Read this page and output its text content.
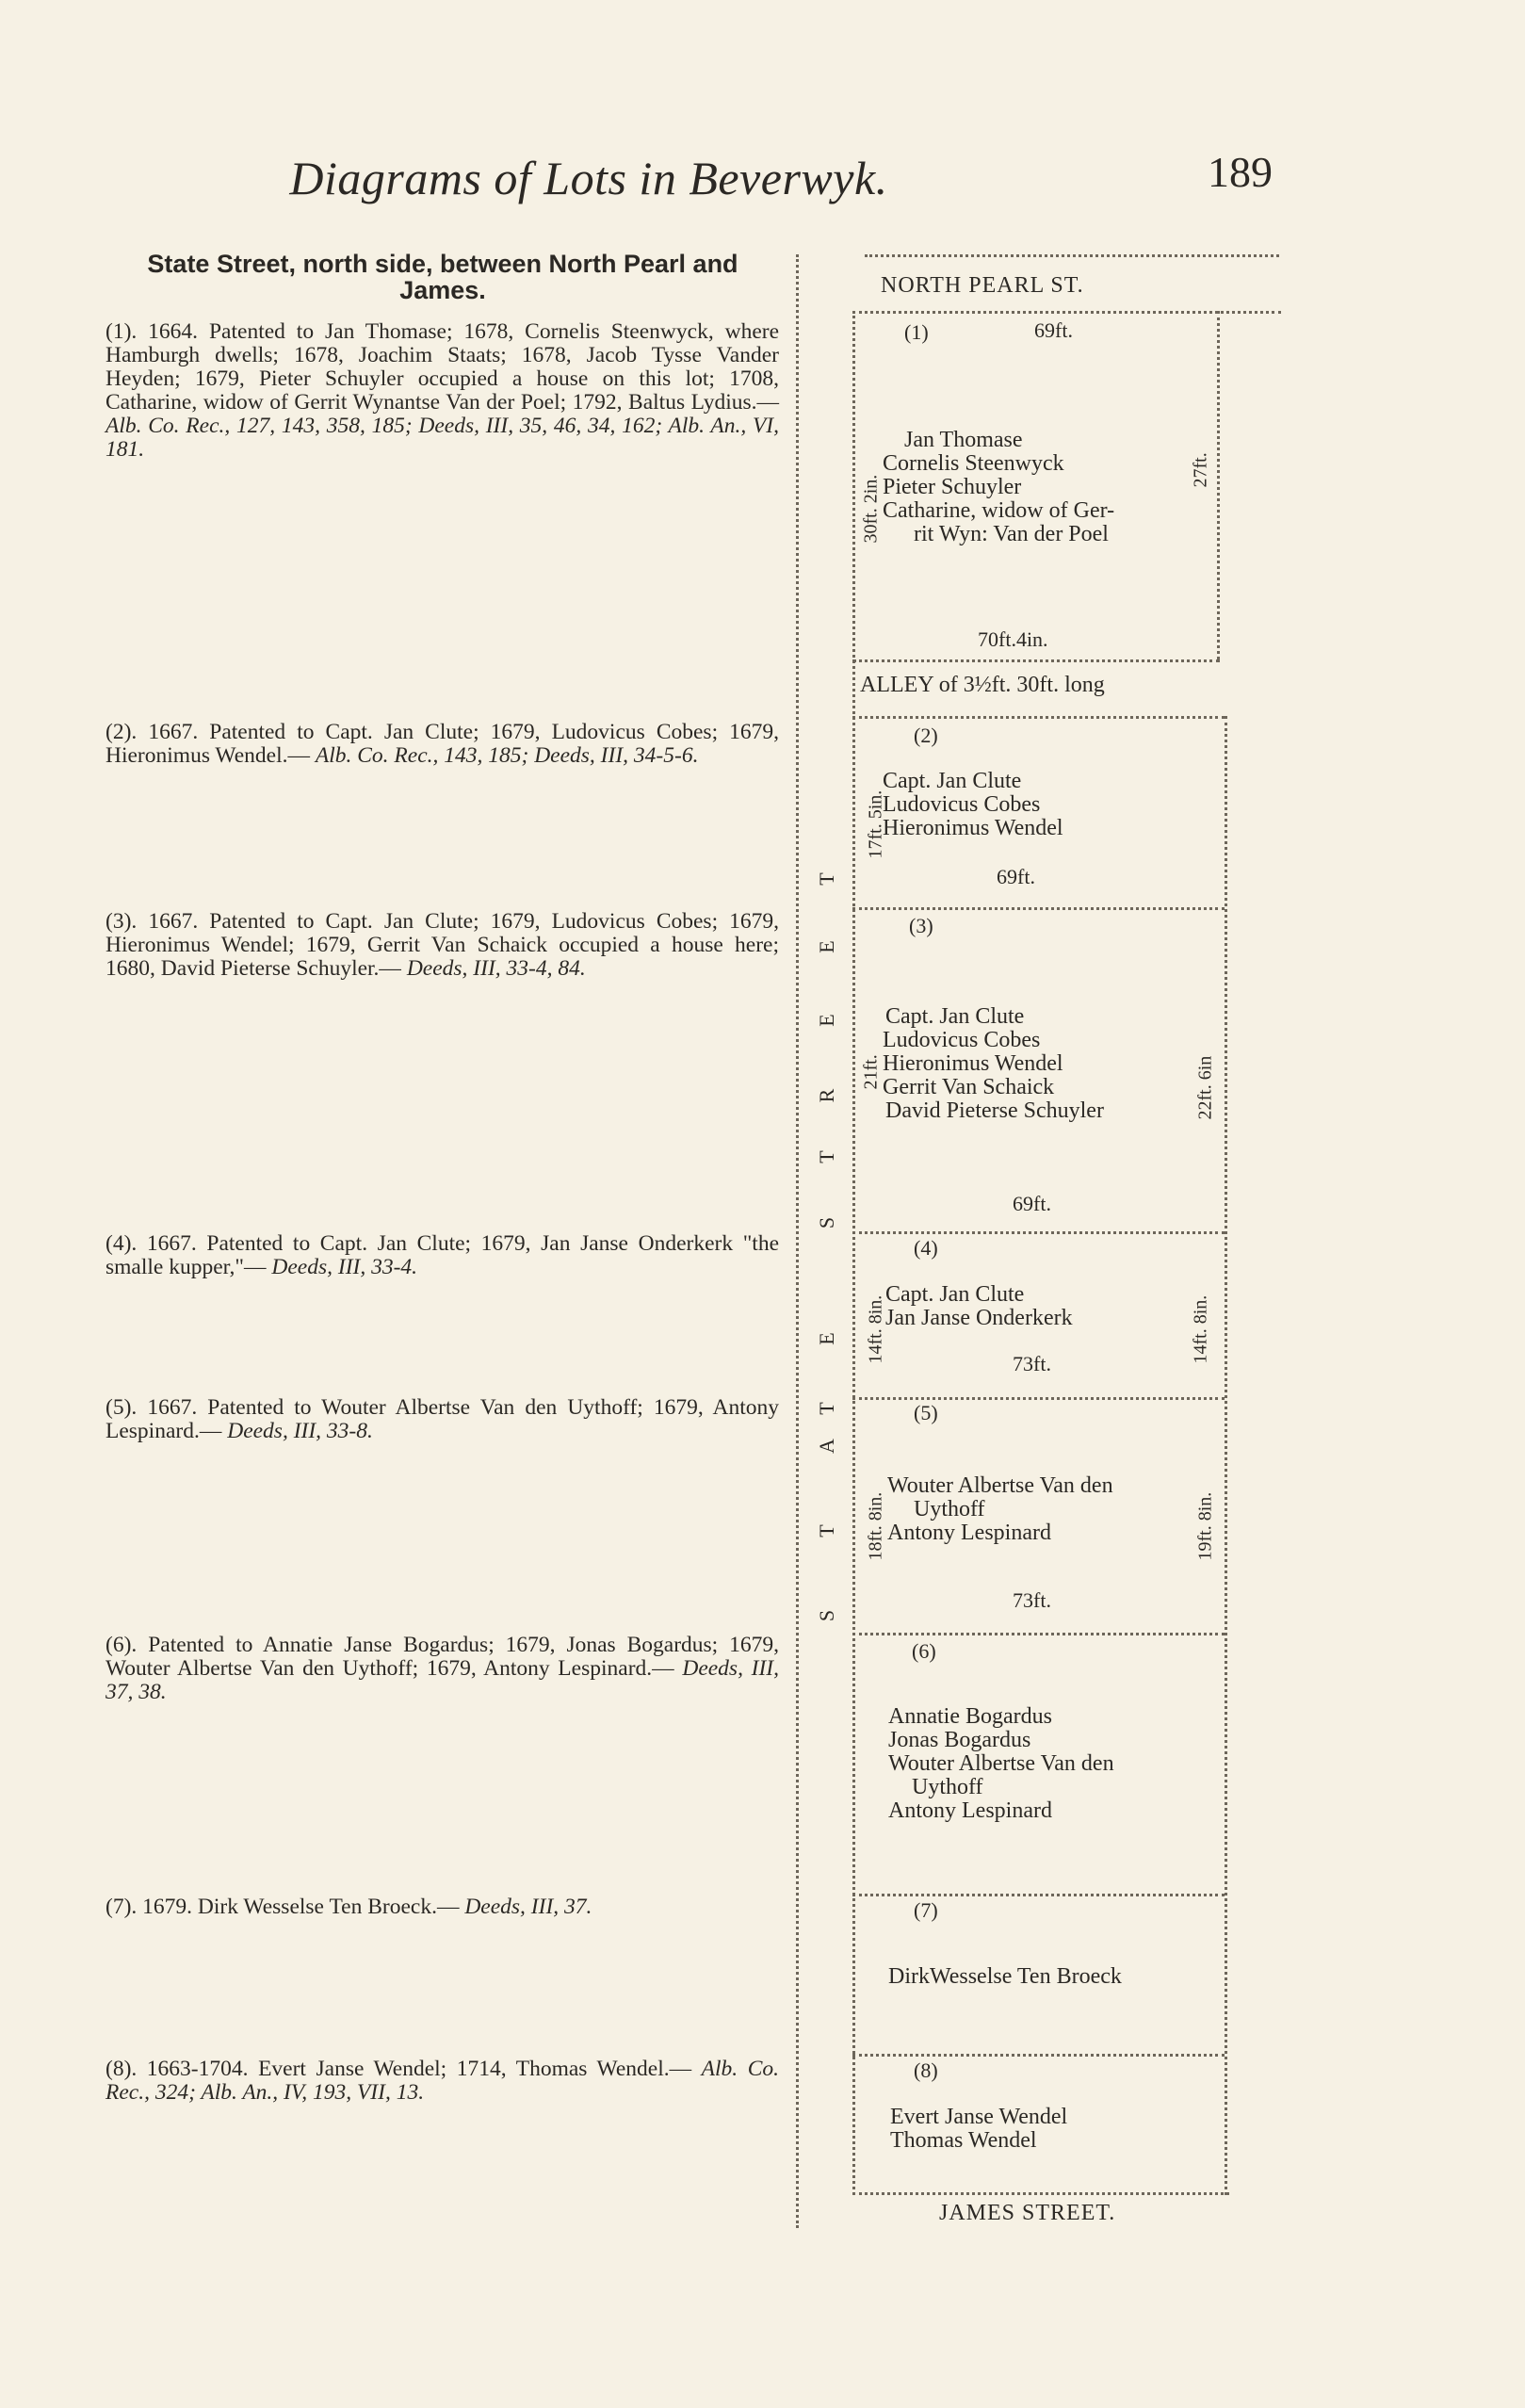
Diagrams of Lots in Beverwyk.	189
State Street, north side, between North Pearl and James.
(1). 1664. Patented to Jan Thomase; 1678, Cornelis Steenwyck, where Hamburgh dwells; 1678, Joachim Staats; 1678, Jacob Tysse Vander Heyden; 1679, Pieter Schuyler occupied a house on this lot; 1708, Catharine, widow of Gerrit Wynantse Van der Poel; 1792, Baltus Lydius.— Alb. Co. Rec., 127, 143, 358, 185; Deeds, III, 35, 46, 34, 162; Alb. An., VI, 181.
(2). 1667. Patented to Capt. Jan Clute; 1679, Ludovicus Cobes; 1679, Hieronimus Wendel.— Alb. Co. Rec., 143, 185; Deeds, III, 34-5-6.
(3). 1667. Patented to Capt. Jan Clute; 1679, Ludovicus Cobes; 1679, Hieronimus Wendel; 1679, Gerrit Van Schaick occupied a house here; 1680, David Pieterse Schuyler.— Deeds, III, 33-4, 84.
(4). 1667. Patented to Capt. Jan Clute; 1679, Jan Janse Onderkerk "the smalle kupper,"— Deeds, III, 33-4.
(5). 1667. Patented to Wouter Albertse Van den Uythoff; 1679, Antony Lespinard.— Deeds, III, 33-8.
(6). Patented to Annatie Janse Bogardus; 1679, Jonas Bogardus; 1679, Wouter Albertse Van den Uythoff; 1679, Antony Lespinard.— Deeds, III, 37, 38.
(7). 1679. Dirk Wesselse Ten Broeck.— Deeds, III, 37.
(8). 1663-1704. Evert Janse Wendel; 1714, Thomas Wendel.— Alb. Co. Rec., 324; Alb. An., IV, 193, VII, 13.
NORTH PEARL ST.
JAMES STREET.
ALLEY of 3½ft. 30ft. long
S
T
A
T
E
S
T
R
E
E
T
(1)	69ft.
Jan Thomase
Cornelis Steenwyck
Pieter Schuyler
Catharine, widow of Ger-
rit Wyn: Van der Poel
30ft. 2in.
27ft.
70ft.4in.
(2)
Capt. Jan Clute
Ludovicus Cobes
Hieronimus Wendel
17ft. 5in.
69ft.
(3)
Capt. Jan Clute
Ludovicus Cobes
Hieronimus Wendel
Gerrit Van Schaick
David Pieterse Schuyler
21ft.	22ft. 6in
69ft.
(4)
Capt. Jan Clute
Jan Janse Onderkerk
14ft. 8in.	14ft. 8in.
73ft.
(5)
Wouter Albertse Van den
Uythoff
Antony Lespinard
18ft. 8in.	19ft. 8in.
73ft.
(6)
Annatie Bogardus
Jonas Bogardus
Wouter Albertse Van den
Uythoff
Antony Lespinard
(7)
DirkWesselse Ten Broeck
(8)
Evert Janse Wendel
Thomas Wendel
